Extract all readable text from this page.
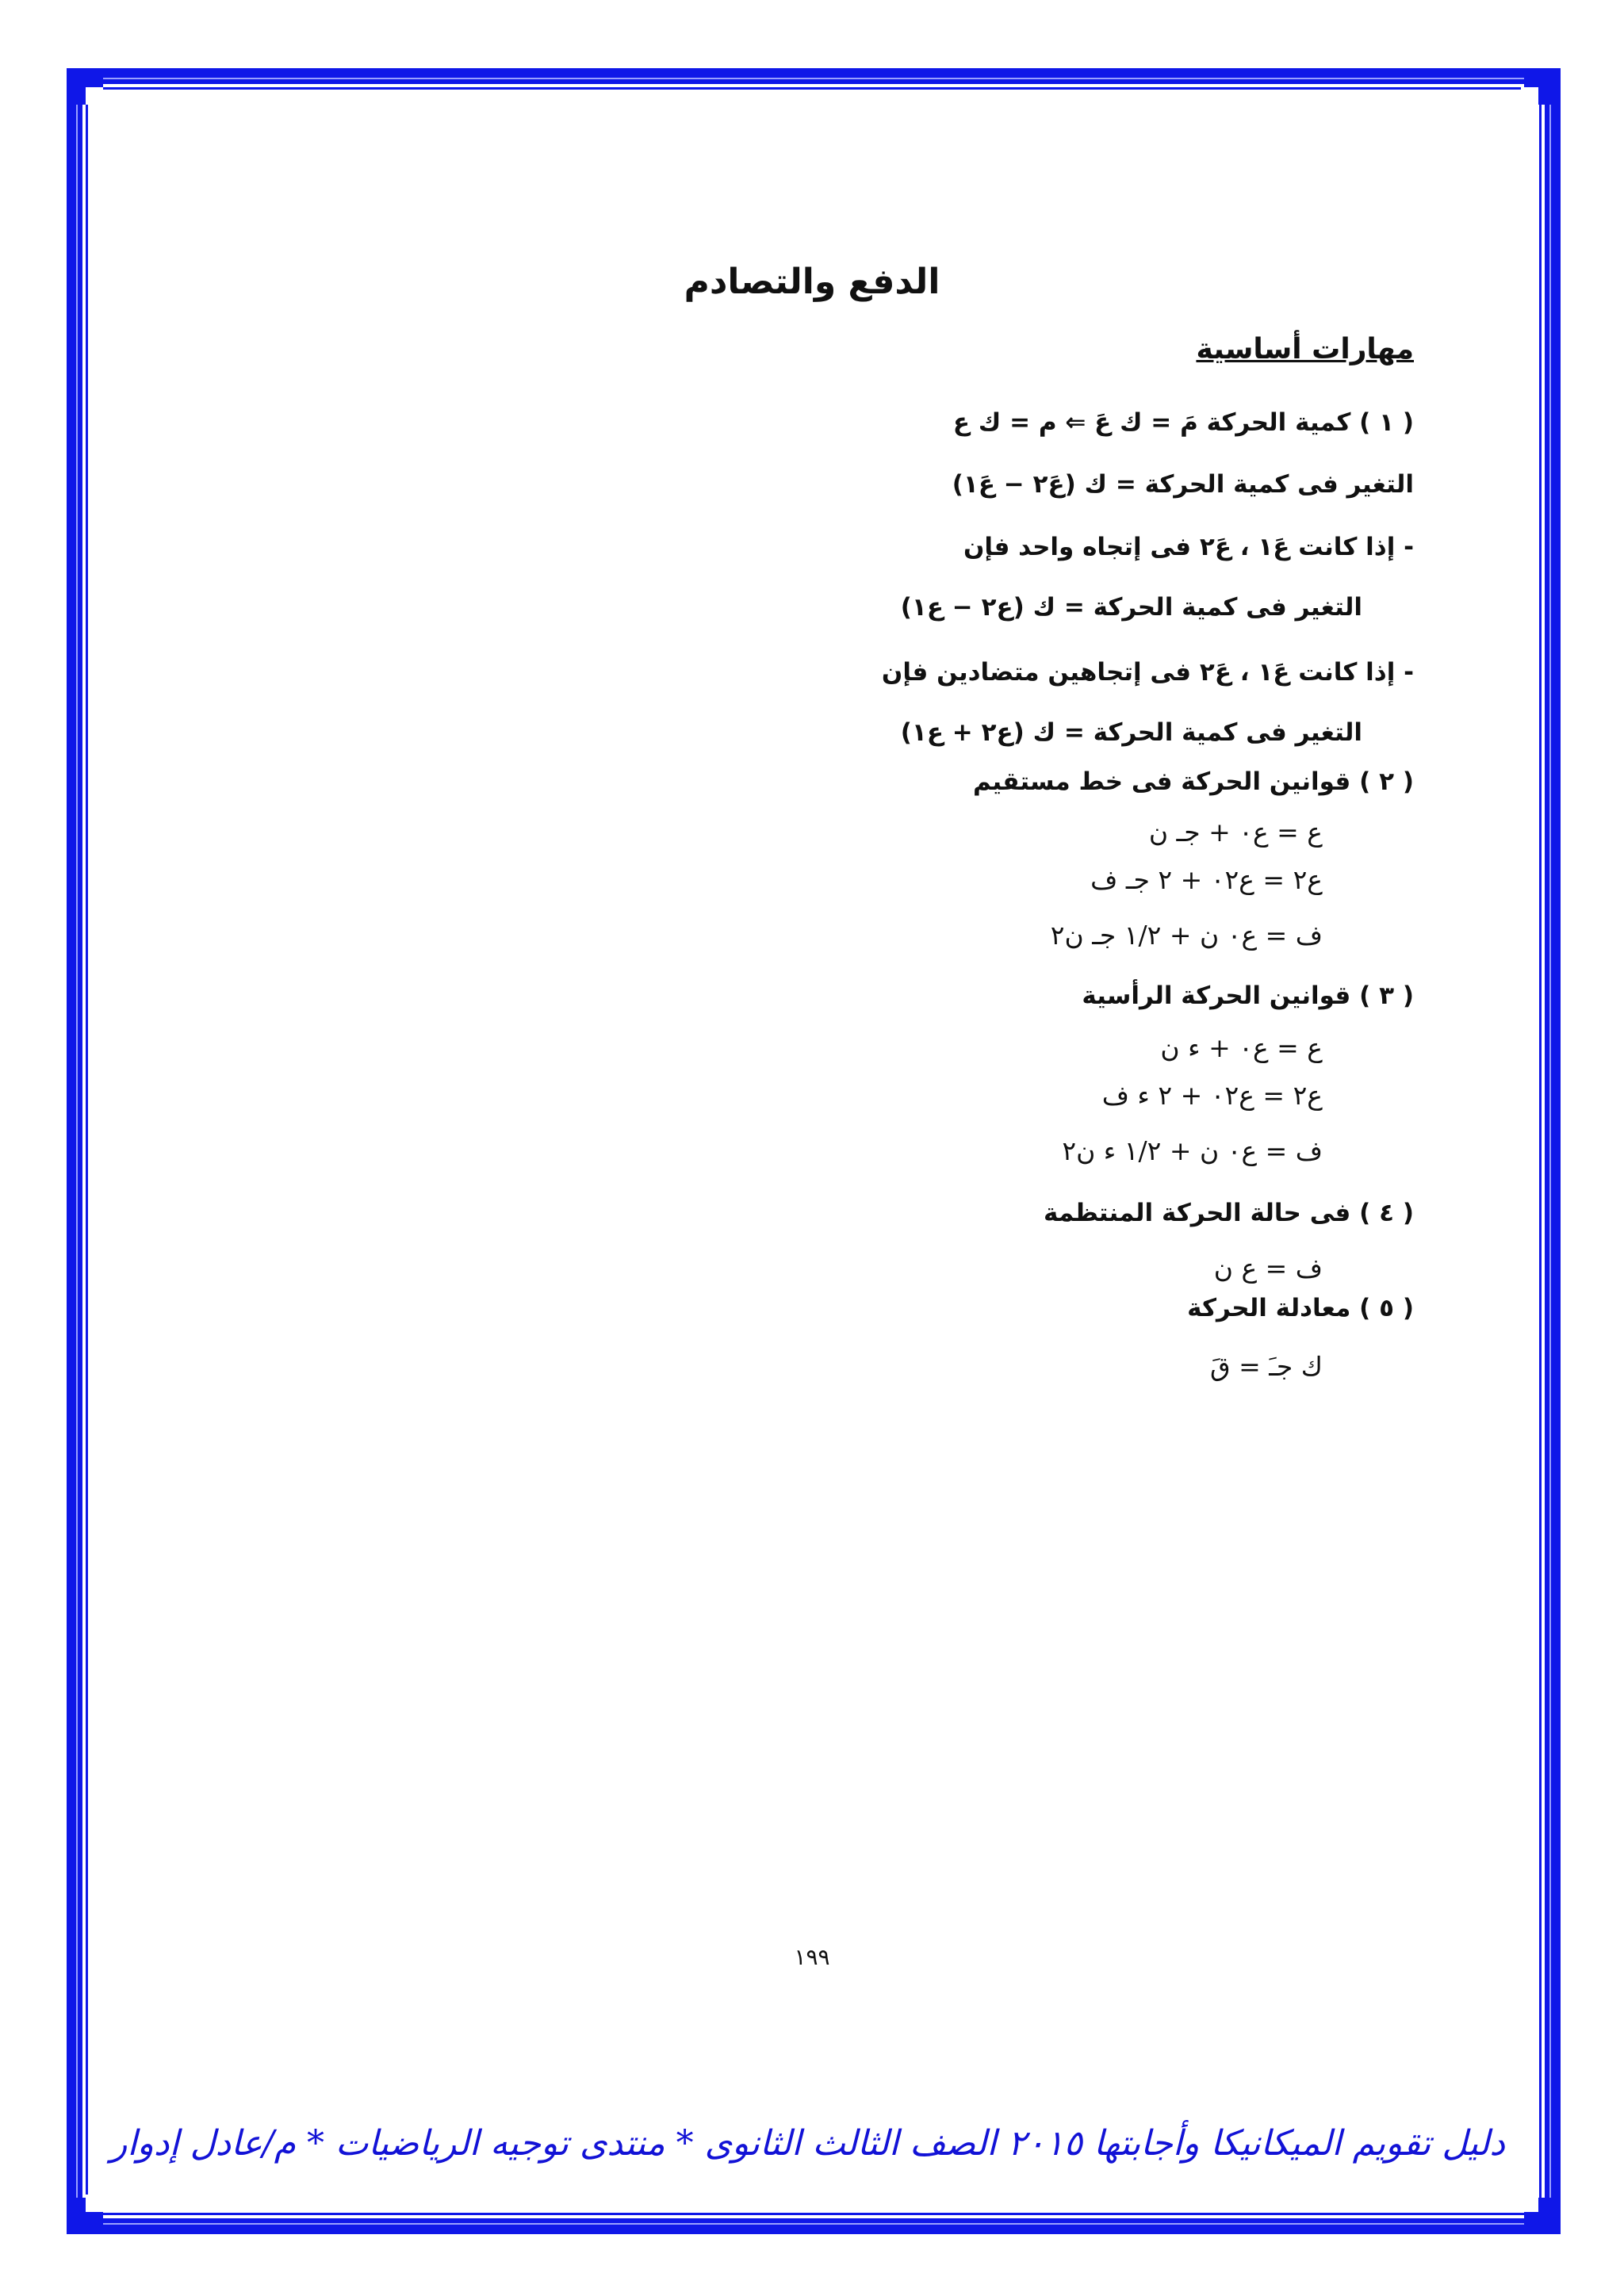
الدفع والتصادم
مهارات أساسية
( ١ ) كمية الحركة مَ = ك عَ ⇐ م = ك ع
التغير فى كمية الحركة = ك (عَ٢ − عَ١)
- إذا كانت عَ١ ، عَ٢ فى إتجاه واحد فإن
التغير فى كمية الحركة = ك (ع٢ − ع١)
- إذا كانت عَ١ ، عَ٢ فى إتجاهين متضادين فإن
التغير فى كمية الحركة = ك (ع٢ + ع١)
( ٢ ) قوانين الحركة فى خط مستقيم
ع = ع٠ + جـ ن
ع٢ = ع٠٢ + ٢ جـ ف
ف = ع٠ ن + ١/٢ جـ ن٢
( ٣ ) قوانين الحركة الرأسية
ع = ع٠ + ء ن
ع٢ = ع٠٢ + ٢ ء ف
ف = ع٠ ن + ١/٢ ء ن٢
( ٤ ) فى حالة الحركة المنتظمة
ف = ع ن
( ٥ ) معادلة الحركة
ك جـَ = قَ
١٩٩
دليل تقويم الميكانيكا وأجابتها ٢٠١٥ الصف الثالث الثانوى * منتدى توجيه الرياضيات * م/عادل إدوار
